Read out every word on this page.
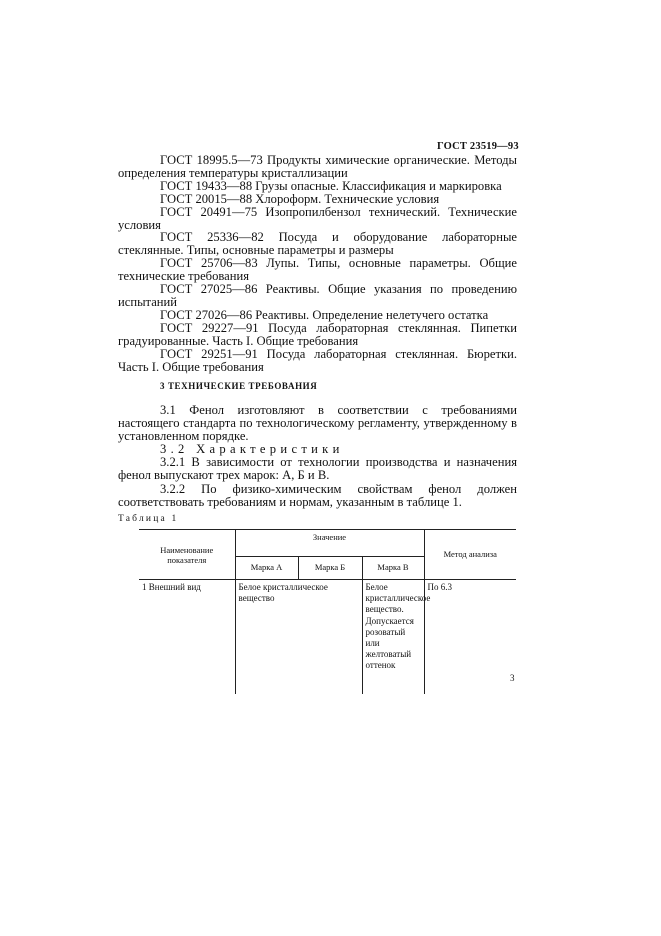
ГОСТ 23519—93
ГОСТ 18995.5—73 Продукты химические органические. Методы определения температуры кристаллизации
ГОСТ 19433—88 Грузы опасные. Классификация и маркировка
ГОСТ 20015—88 Хлороформ. Технические условия
ГОСТ 20491—75 Изопропилбензол технический. Технические условия
ГОСТ 25336—82 Посуда и оборудование лабораторные стеклянные. Типы, основные параметры и размеры
ГОСТ 25706—83 Лупы. Типы, основные параметры. Общие технические требования
ГОСТ 27025—86 Реактивы. Общие указания по проведению испытаний
ГОСТ 27026—86 Реактивы. Определение нелетучего остатка
ГОСТ 29227—91 Посуда лабораторная стеклянная. Пипетки градуированные. Часть I. Общие требования
ГОСТ 29251—91 Посуда лабораторная стеклянная. Бюретки. Часть I. Общие требования
3 ТЕХНИЧЕСКИЕ ТРЕБОВАНИЯ
3.1 Фенол изготовляют в соответствии с требованиями настоящего стандарта по технологическому регламенту, утвержденному в установленном порядке.
3.2 Характеристики
3.2.1 В зависимости от технологии производства и назначения фенол выпускают трех марок: А, Б и В.
3.2.2 По физико-химическим свойствам фенол должен соответствовать требованиям и нормам, указанным в таблице 1.
Таблица 1
Наименование показателя	Значение			Метод анализа
	Марка А	Марка Б	Марка В	
1 Внешний вид	Белое кристаллическое вещество		Белое кристаллическое вещество. Допускается розоватый или желтоватый оттенок	По 6.3
3
